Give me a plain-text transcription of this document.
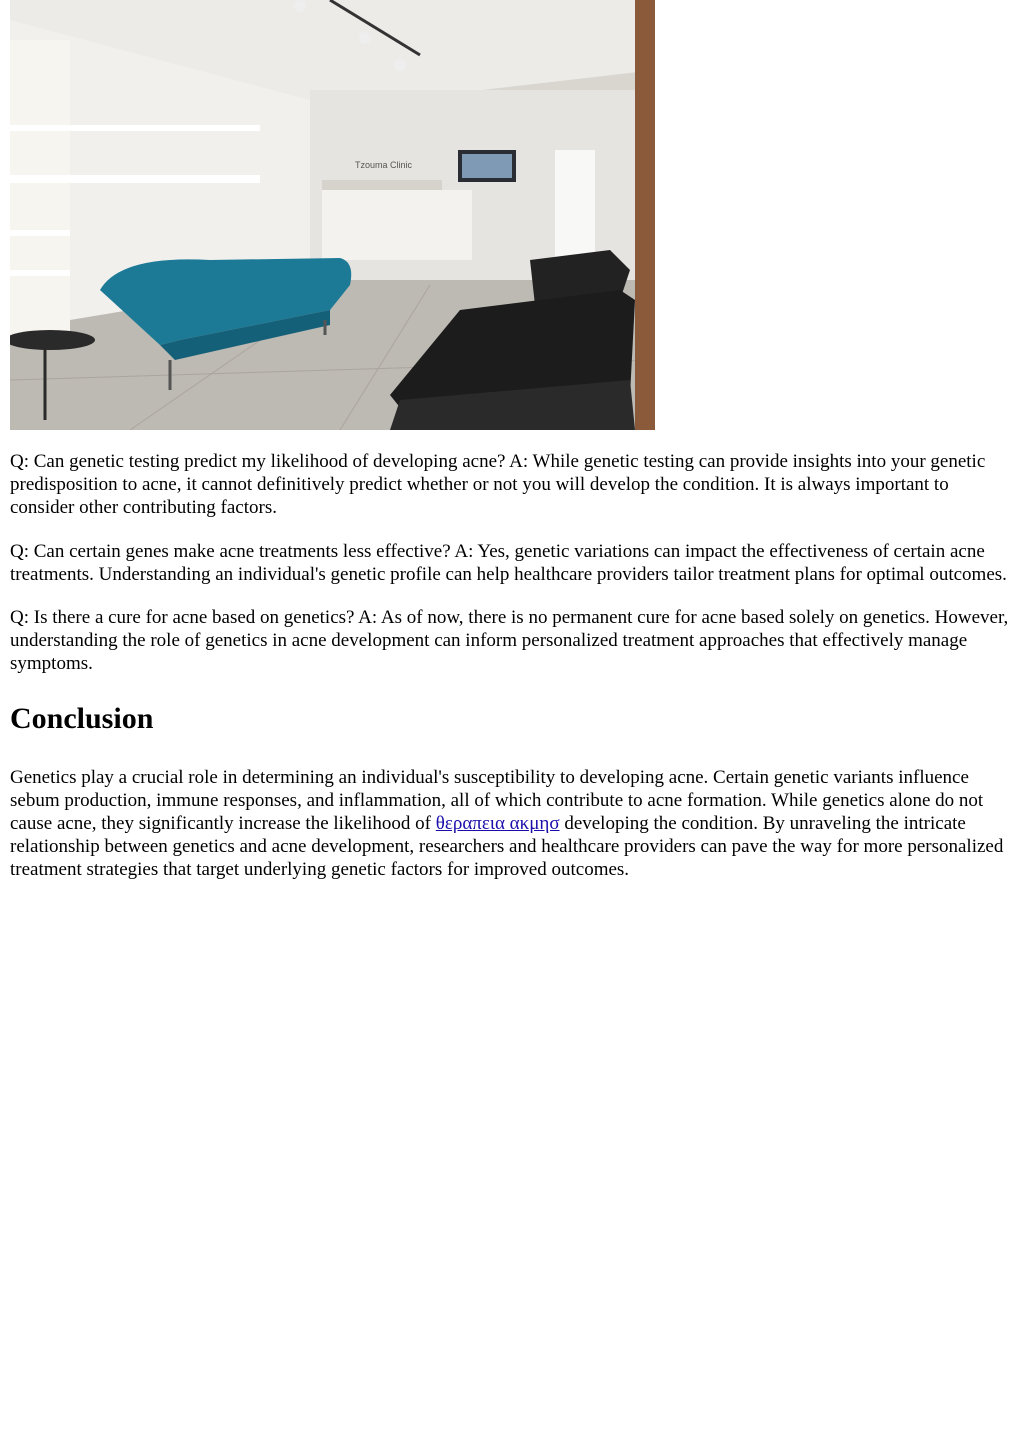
Tzouma Clinic

Q: Can genetic testing predict my likelihood of developing acne? A: While genetic testing can provide insights into your genetic predisposition to acne, it cannot definitively predict whether or not you will develop the condition. It is always important to consider other contributing factors.

Q: Can certain genes make acne treatments less effective? A: Yes, genetic variations can impact the effectiveness of certain acne treatments. Understanding an individual's genetic profile can help healthcare providers tailor treatment plans for optimal outcomes.

Q: Is there a cure for acne based on genetics? A: As of now, there is no permanent cure for acne based solely on genetics. However, understanding the role of genetics in acne development can inform personalized treatment approaches that effectively manage symptoms.

Conclusion

Genetics play a crucial role in determining an individual's susceptibility to developing acne. Certain genetic variants influence sebum production, immune responses, and inflammation, all of which contribute to acne formation. While genetics alone do not cause acne, they significantly increase the likelihood of θεραπεια ακμησ developing the condition. By unraveling the intricate relationship between genetics and acne development, researchers and healthcare providers can pave the way for more personalized treatment strategies that target underlying genetic factors for improved outcomes.
